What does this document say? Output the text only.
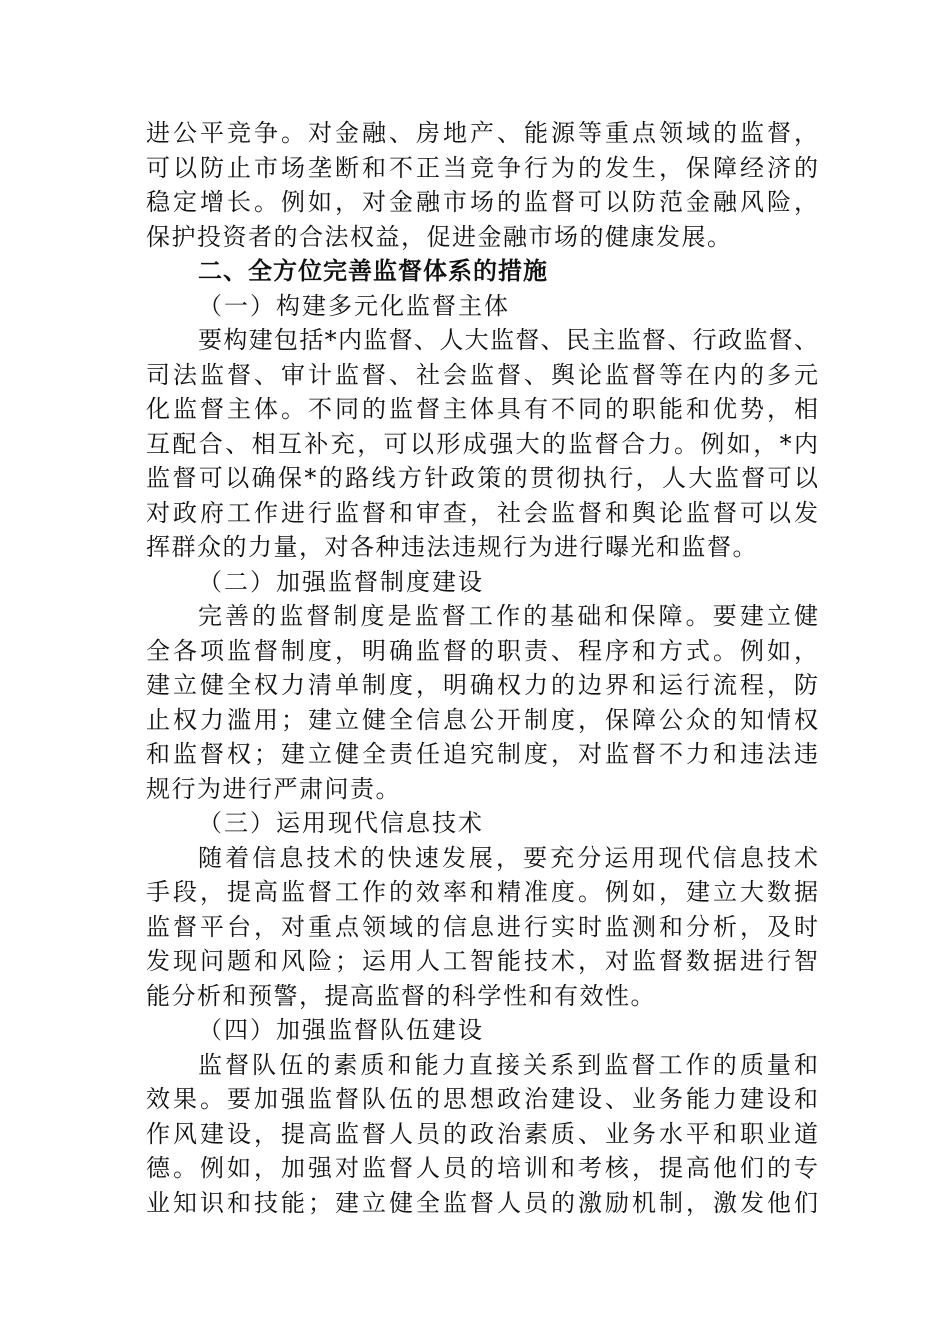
进公平竞争。对金融、房地产、能源等重点领域的监督，
可以防止市场垄断和不正当竞争行为的发生，保障经济的
稳定增长。例如，对金融市场的监督可以防范金融风险，
保护投资者的合法权益，促进金融市场的健康发展。
二、全方位完善监督体系的措施
（一）构建多元化监督主体
要构建包括*内监督、人大监督、民主监督、行政监督、
司法监督、审计监督、社会监督、舆论监督等在内的多元
化监督主体。不同的监督主体具有不同的职能和优势，相
互配合、相互补充，可以形成强大的监督合力。例如，*内
监督可以确保*的路线方针政策的贯彻执行，人大监督可以
对政府工作进行监督和审查，社会监督和舆论监督可以发
挥群众的力量，对各种违法违规行为进行曝光和监督。
（二）加强监督制度建设
完善的监督制度是监督工作的基础和保障。要建立健
全各项监督制度，明确监督的职责、程序和方式。例如，
建立健全权力清单制度，明确权力的边界和运行流程，防
止权力滥用；建立健全信息公开制度，保障公众的知情权
和监督权；建立健全责任追究制度，对监督不力和违法违
规行为进行严肃问责。
（三）运用现代信息技术
随着信息技术的快速发展，要充分运用现代信息技术
手段，提高监督工作的效率和精准度。例如，建立大数据
监督平台，对重点领域的信息进行实时监测和分析，及时
发现问题和风险；运用人工智能技术，对监督数据进行智
能分析和预警，提高监督的科学性和有效性。
（四）加强监督队伍建设
监督队伍的素质和能力直接关系到监督工作的质量和
效果。要加强监督队伍的思想政治建设、业务能力建设和
作风建设，提高监督人员的政治素质、业务水平和职业道
德。例如，加强对监督人员的培训和考核，提高他们的专
业知识和技能；建立健全监督人员的激励机制，激发他们
